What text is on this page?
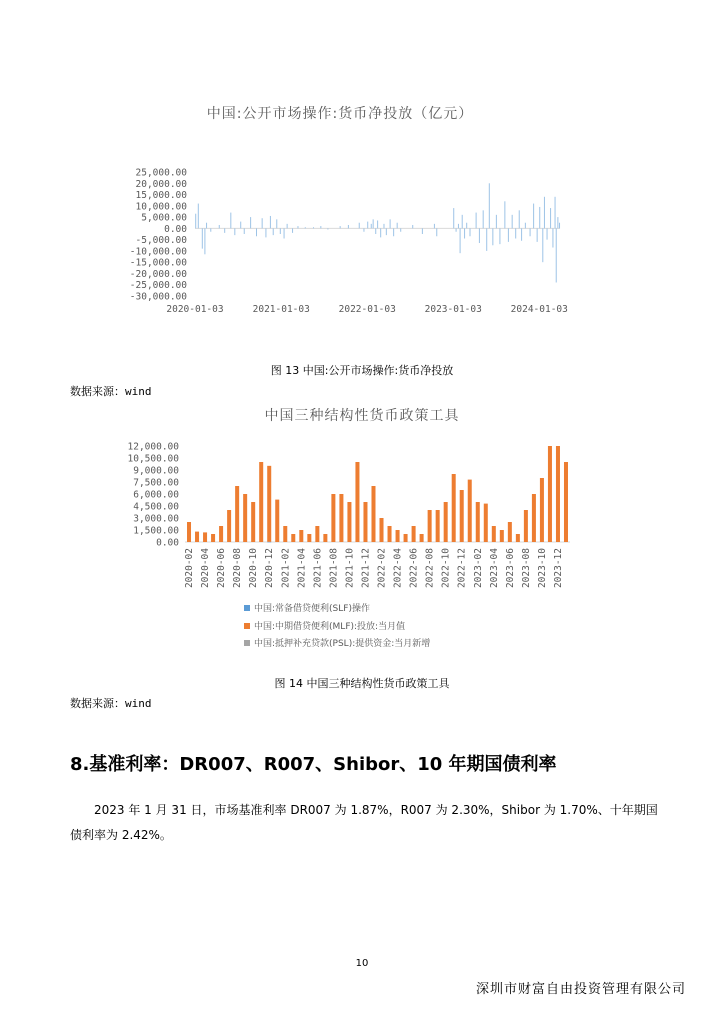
中国:公开市场操作:货币净投放（亿元）
25,000.00
20,000.00
15,000.00
10,000.00
5,000.00
0.00
-5,000.00
-10,000.00
-15,000.00
-20,000.00
-25,000.00
-30,000.00
2020-01-03	2021-01-03	2022-01-03	2023-01-03	2024-01-03
图 13 中国:公开市场操作:货币净投放
数据来源：wind
中国三种结构性货币政策工具
12,000.00
10,500.00
9,000.00
7,500.00
6,000.00
4,500.00
3,000.00
1,500.00
0.00
2020-02 2020-04 2020-06 2020-08 2020-10 2020-12 2021-02 2021-04 2021-06 2021-08 2021-10 2021-12 2022-02 2022-04 2022-06 2022-08 2022-10 2022-12 2023-02 2023-04 2023-06 2023-08 2023-10 2023-12
中国:常备借贷便利(SLF)操作
中国:中期借贷便利(MLF):投放:当月值
中国:抵押补充贷款(PSL):提供资金:当月新增
图 14 中国三种结构性货币政策工具
数据来源：wind
8.基准利率：DR007、R007、Shibor、10 年期国债利率
2023 年 1 月 31 日，市场基准利率 DR007 为 1.87%，R007 为 2.30%，Shibor 为 1.70%、十年期国债利率为 2.42%。
10
深圳市财富自由投资管理有限公司
